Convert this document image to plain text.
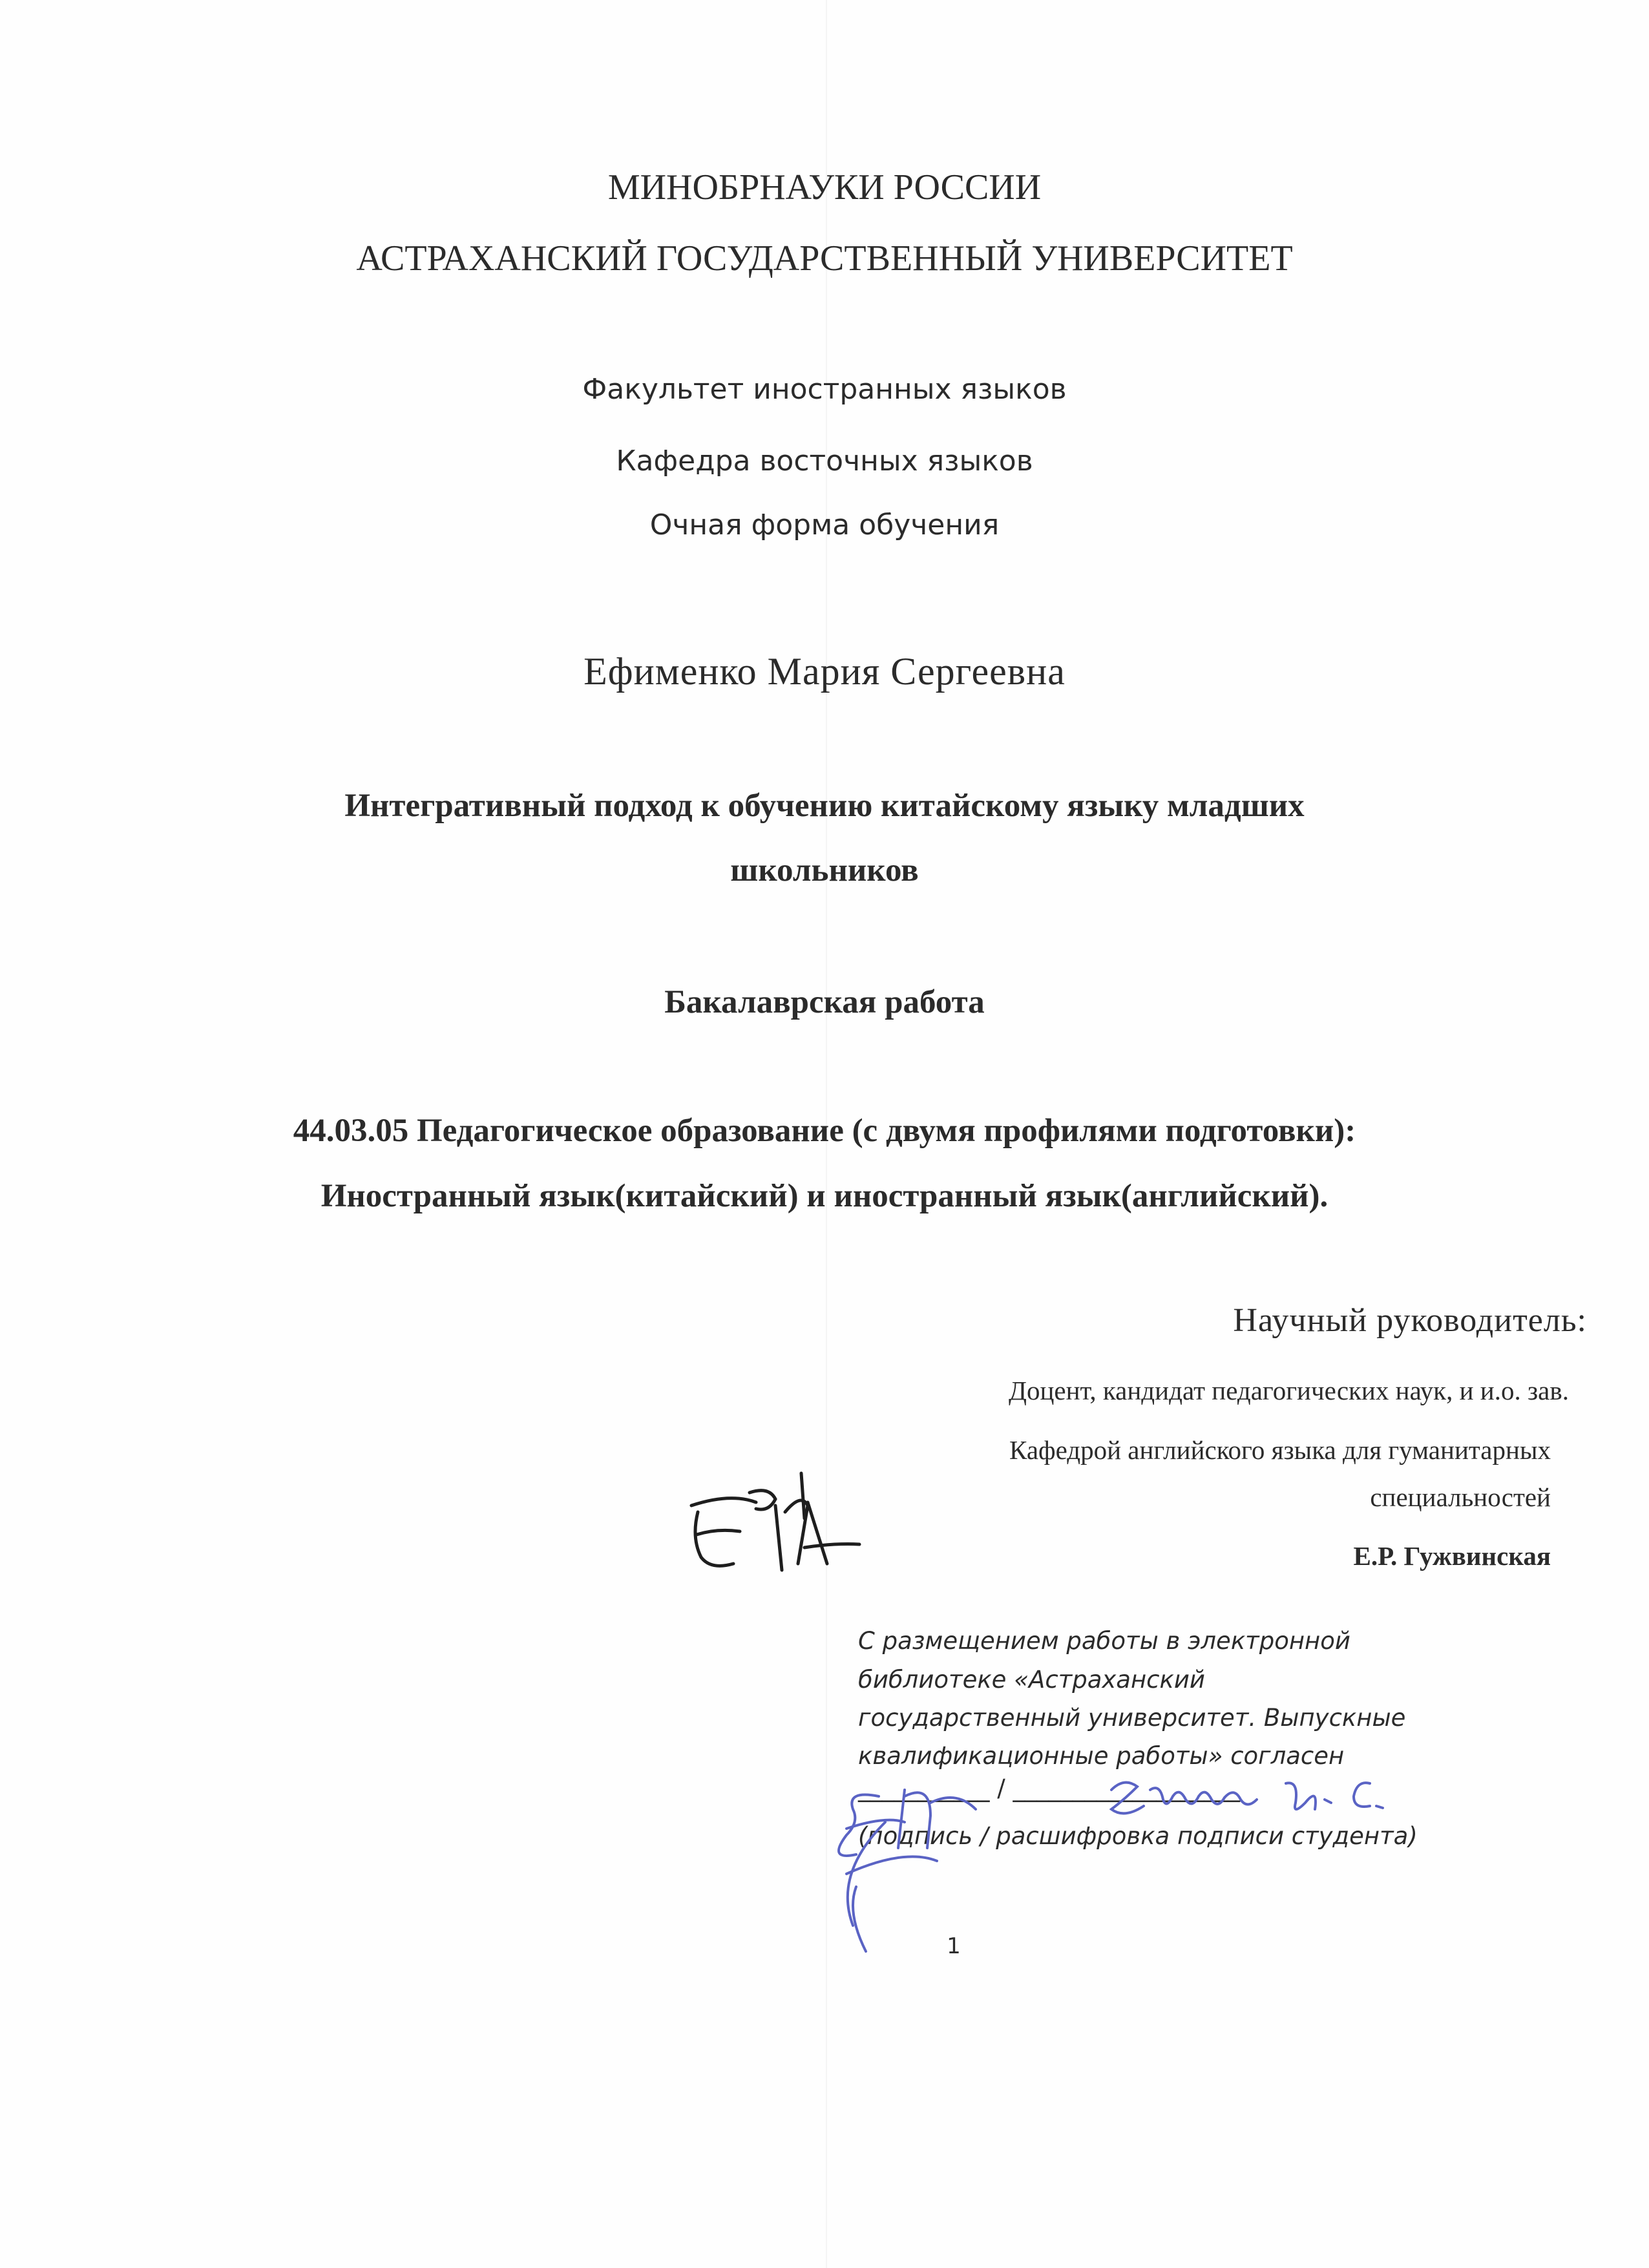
МИНОБРНАУКИ РОССИИ
АСТРАХАНСКИЙ ГОСУДАРСТВЕННЫЙ УНИВЕРСИТЕТ
Факультет иностранных языков
Кафедра восточных языков
Очная форма обучения
Ефименко Мария Сергеевна
Интегративный подход к обучению китайскому языку младших
школьников
Бакалаврская работа
44.03.05 Педагогическое образование (с двумя профилями подготовки):
Иностранный язык(китайский) и иностранный язык(английский).
Научный руководитель:
Доцент, кандидат педагогических наук, и и.о. зав.
Кафедрой английского языка для гуманитарных
специальностей
Е.Р. Гужвинская
С размещением работы в электронной
библиотеке «Астраханский
государственный университет. Выпускные
квалификационные работы» согласен
___________ / ___________________
(подпись / расшифровка подписи студента)
1
